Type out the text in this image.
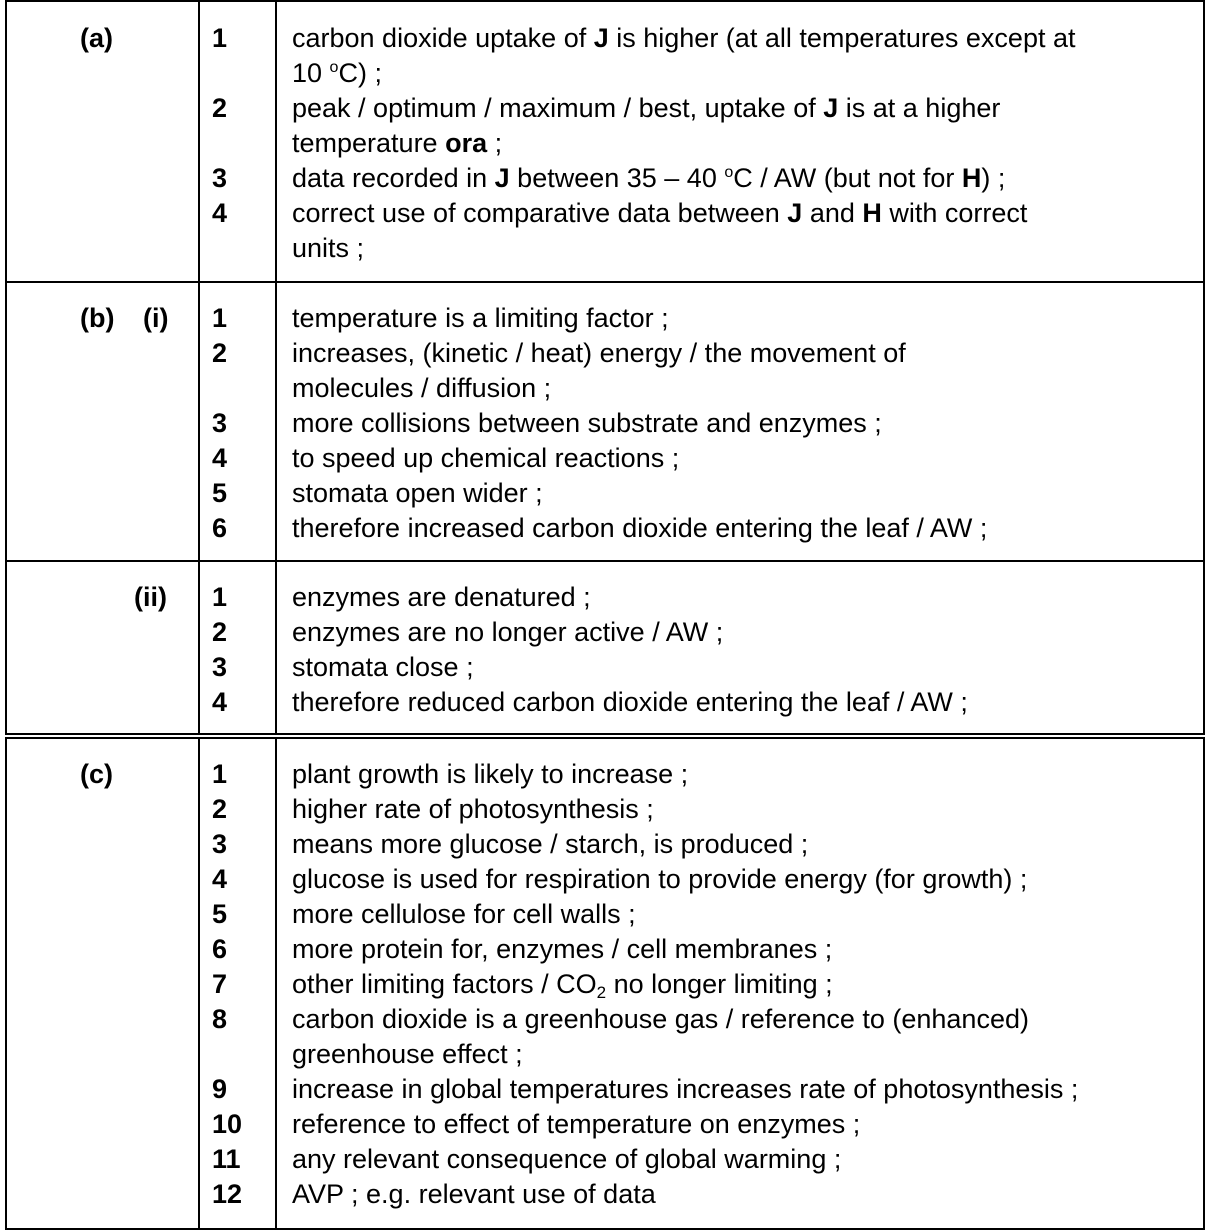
(a)	1 carbon dioxide uptake of J is higher (at all temperatures except at
10 $^o$C) ;
2 peak / optimum / maximum / best, uptake of J is at a higher
temperature ora ;
3 data recorded in J between 35 – 40 $^o$C / AW (but not for H) ;
4 correct use of comparative data between J and H with correct
units ;
(b) (i) 1 temperature is a limiting factor ;
2 increases, (kinetic / heat) energy / the movement of
molecules / diffusion ;
3 more collisions between substrate and enzymes ;
4 to speed up chemical reactions ;
5 stomata open wider ;
6 therefore increased carbon dioxide entering the leaf / AW ;
(ii) 1 enzymes are denatured ;
2 enzymes are no longer active / AW ;
3 stomata close ;
4 therefore reduced carbon dioxide entering the leaf / AW ;
(c)	1 plant growth is likely to increase ;
2 higher rate of photosynthesis ;
3 means more glucose / starch, is produced ;
4 glucose is used for respiration to provide energy (for growth) ;
5 more cellulose for cell walls ;
6 more protein for, enzymes / cell membranes ;
7 other limiting factors / $CO_2$ no longer limiting ;
8 carbon dioxide is a greenhouse gas / reference to (enhanced)
greenhouse effect ;
9 increase in global temperatures increases rate of photosynthesis ;
10 reference to effect of temperature on enzymes ;
11 any relevant consequence of global warming ;
12 AVP ; e.g. relevant use of data
